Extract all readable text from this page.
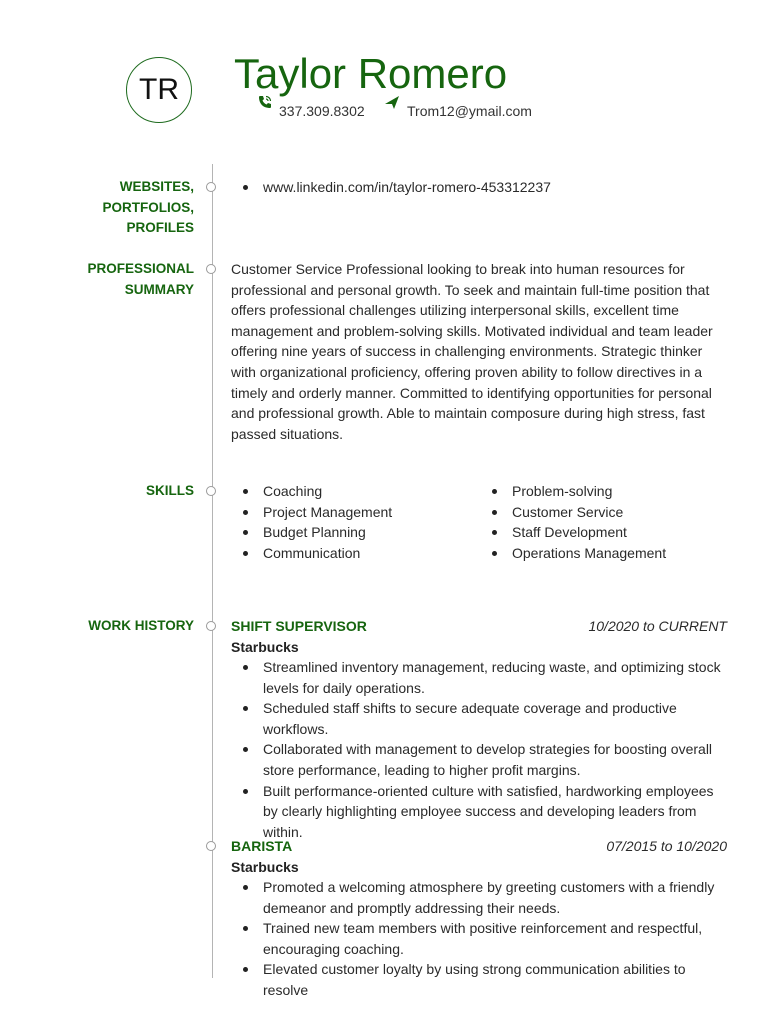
TR Taylor Romero
337.309.8302	Trom12@ymail.com
WEBSITES,
PORTFOLIOS,
PROFILES
www.linkedin.com/in/taylor-romero-453312237
PROFESSIONAL
SUMMARY
Customer Service Professional looking to break into human resources for professional and personal growth. To seek and maintain full-time position that offers professional challenges utilizing interpersonal skills, excellent time management and problem-solving skills. Motivated individual and team leader offering nine years of success in challenging environments. Strategic thinker with organizational proficiency, offering proven ability to follow directives in a timely and orderly manner. Committed to identifying opportunities for personal and professional growth. Able to maintain composure during high stress, fast passed situations.
SKILLS	Coaching
Project Management
Budget Planning
Communication
Problem-solving
Customer Service
Staff Development
Operations Management
WORK HISTORY	SHIFT SUPERVISOR	10/2020 to CURRENT
Starbucks
Streamlined inventory management, reducing waste, and optimizing stock levels for daily operations.
Scheduled staff shifts to secure adequate coverage and productive workflows.
Collaborated with management to develop strategies for boosting overall store performance, leading to higher profit margins.
Built performance-oriented culture with satisfied, hardworking employees by clearly highlighting employee success and developing leaders from within.
BARISTA	07/2015 to 10/2020
Starbucks
Promoted a welcoming atmosphere by greeting customers with a friendly demeanor and promptly addressing their needs.
Trained new team members with positive reinforcement and respectful, encouraging coaching.
Elevated customer loyalty by using strong communication abilities to resolve
